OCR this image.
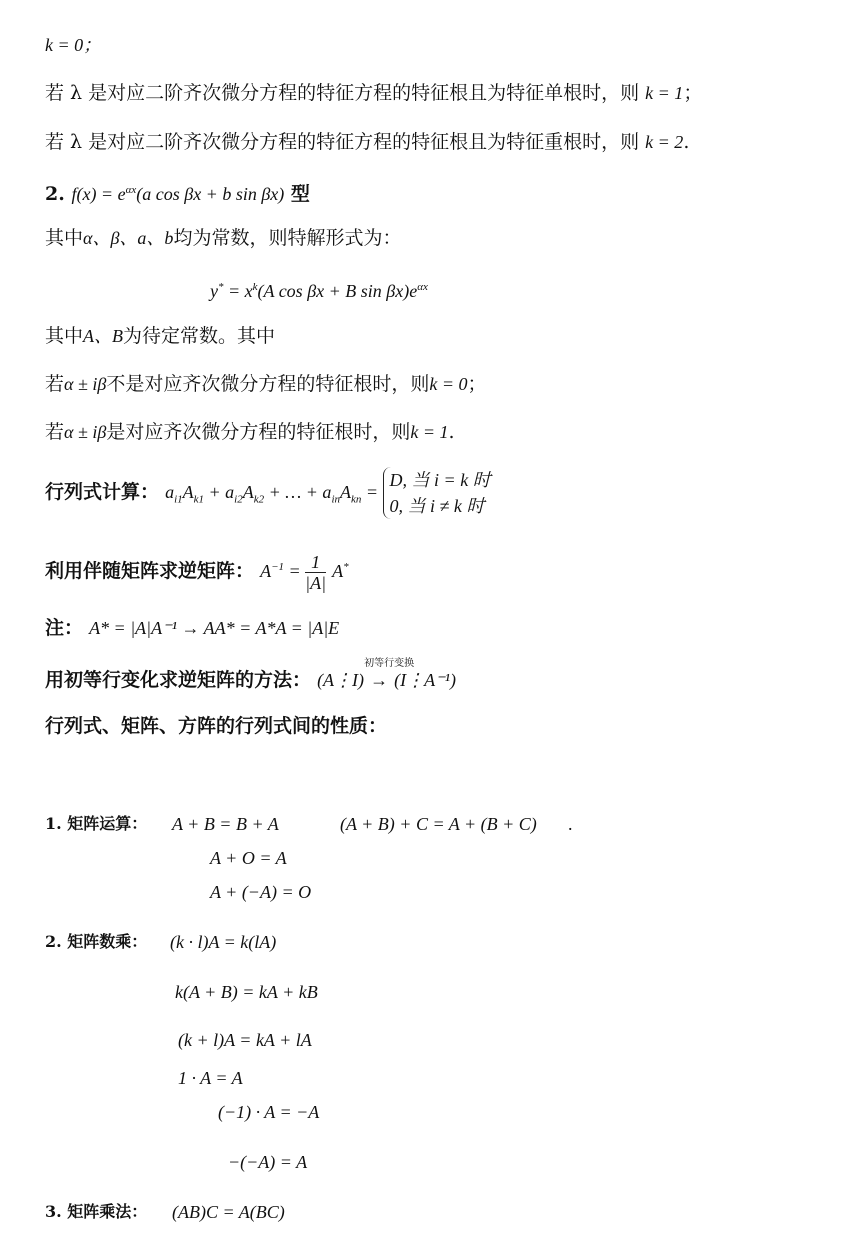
k = 0；
若 λ 是对应二阶齐次微分方程的特征方程的特征根且为特征单根时，则 k = 1；
若 λ 是对应二阶齐次微分方程的特征方程的特征根且为特征重根时，则 k = 2.
2. $f(x) = e^{\alpha x}(a$ cos βx + b sin βx) 型
其中α、β、a、b均为常数，则特解形式为：
$y^* = x^k(A$ cos βx + B $\sin \beta x)e^{\alpha x}$
其中A、B为待定常数。其中
若α ± iβ不是对应齐次微分方程的特征根时，则k = 0；
若α ± iβ是对应齐次微分方程的特征根时，则k = 1.
行列式计算： $a_{i1}A_{k1} + a_{i2}A_{k2}$ + … + $a_{in}A_{kn}$ =
D, 当 i = k 时
0, 当 i ≠ k 时
利用伴随矩阵求逆矩阵： $A^{-1} = \frac{1}{|A|} A^*$
注： A* = |A|A⁻¹ → AA* = A*A = |A|E
用初等行变化求逆矩阵的方法： (A⋮I)
初等行变换
→ (I⋮A⁻¹)
行列式、矩阵、方阵的行列式间的性质：
1. 矩阵运算： A + B = B + A	(A + B) + C = A + (B + C) .
A + O = A
A + (−A) = O
2. 矩阵数乘： (k · l)A = k(lA)
k(A + B) = kA + kB
(k + l)A = kA + lA
1 · A = A
(−1) · A = −A
−(−A) = A
3. 矩阵乘法： (AB)C = A(BC)
